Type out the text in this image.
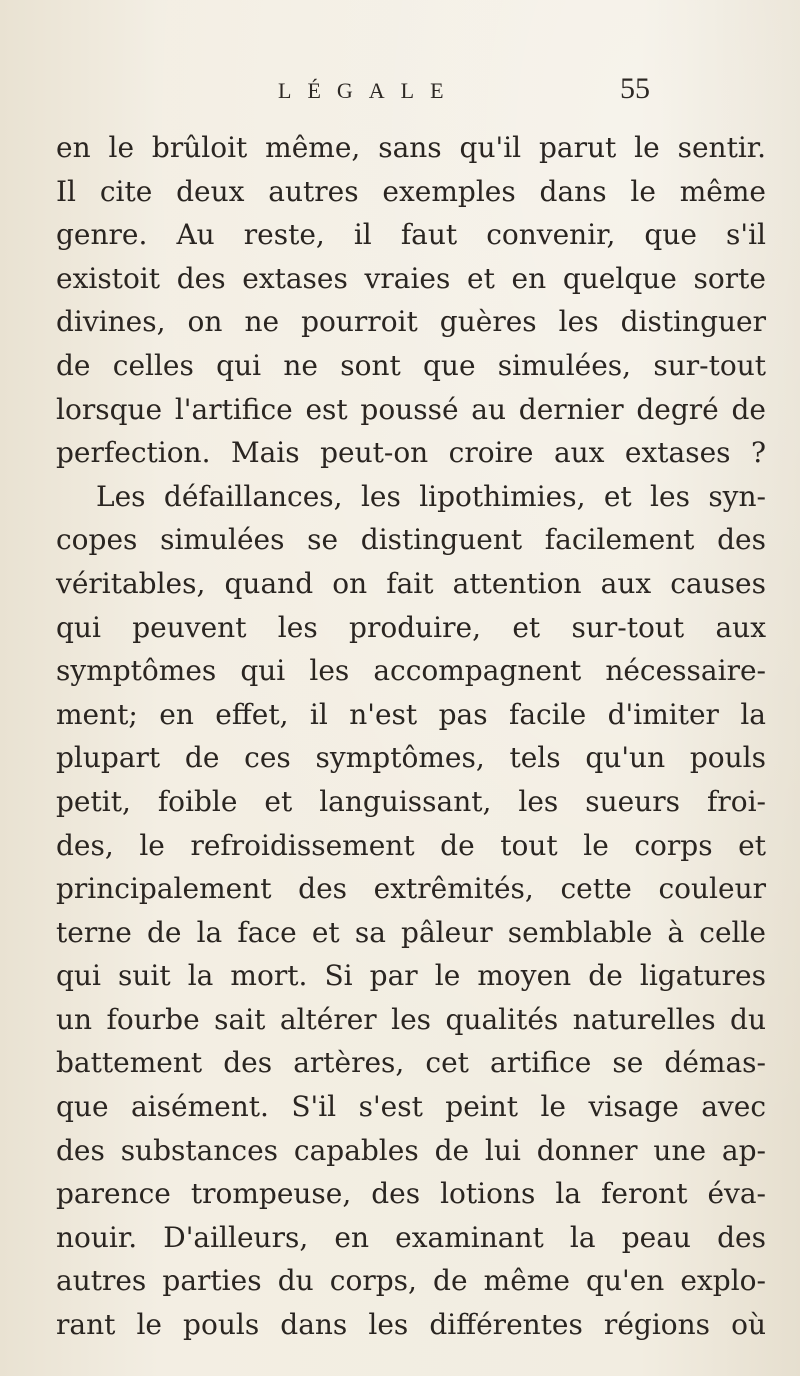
LÉGALE	55
en le brûloit même, sans qu'il parut le sentir.
Il cite deux autres exemples dans le même
genre. Au reste, il faut convenir, que s'il
existoit des extases vraies et en quelque sorte
divines, on ne pourroit guères les distinguer
de celles qui ne sont que simulées, sur-tout
lorsque l'artifice est poussé au dernier degré de
perfection. Mais peut-on croire aux extases ?
Les défaillances, les lipothimies, et les syn-
copes simulées se distinguent facilement des
véritables, quand on fait attention aux causes
qui peuvent les produire, et sur-tout aux
symptômes qui les accompagnent nécessaire-
ment; en effet, il n'est pas facile d'imiter la
plupart de ces symptômes, tels qu'un pouls
petit, foible et languissant, les sueurs froi-
des, le refroidissement de tout le corps et
principalement des extrêmités, cette couleur
terne de la face et sa pâleur semblable à celle
qui suit la mort. Si par le moyen de ligatures
un fourbe sait altérer les qualités naturelles du
battement des artères, cet artifice se démas-
que aisément. S'il s'est peint le visage avec
des substances capables de lui donner une ap-
parence trompeuse, des lotions la feront éva-
nouir. D'ailleurs, en examinant la peau des
autres parties du corps, de même qu'en explo-
rant le pouls dans les différentes régions où
